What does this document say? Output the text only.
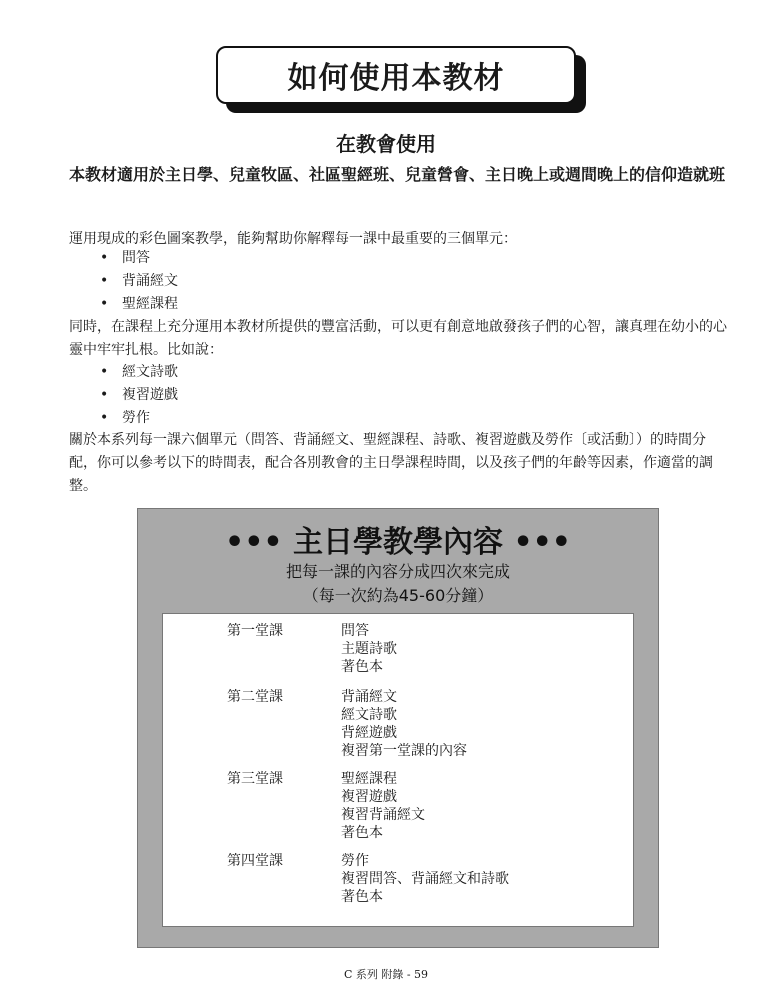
如何使用本教材
在教會使用
本教材適用於主日學、兒童牧區、社區聖經班、兒童營會、主日晚上或週間晚上的信仰造就班
運用現成的彩色圖案教學，能夠幫助你解釋每一課中最重要的三個單元：
• 問答
• 背誦經文
• 聖經課程
同時，在課程上充分運用本教材所提供的豐富活動，可以更有創意地啟發孩子們的心智，讓真理在幼小的心靈中牢牢扎根。比如說：
• 經文詩歌
• 複習遊戲
• 勞作
關於本系列每一課六個單元（問答、背誦經文、聖經課程、詩歌、複習遊戲及勞作〔或活動〕）的時間分配，你可以參考以下的時間表，配合各別教會的主日學課程時間，以及孩子們的年齡等因素，作適當的調整。
••• 主日學教學內容 •••
把每一課的內容分成四次來完成
（每一次約為45-60分鐘）
第一堂課	問答
主題詩歌
著色本
第二堂課	背誦經文
經文詩歌
背經遊戲
複習第一堂課的內容
第三堂課	聖經課程
複習遊戲
複習背誦經文
著色本
第四堂課	勞作
複習問答、背誦經文和詩歌
著色本
C 系列 附錄 - 59
